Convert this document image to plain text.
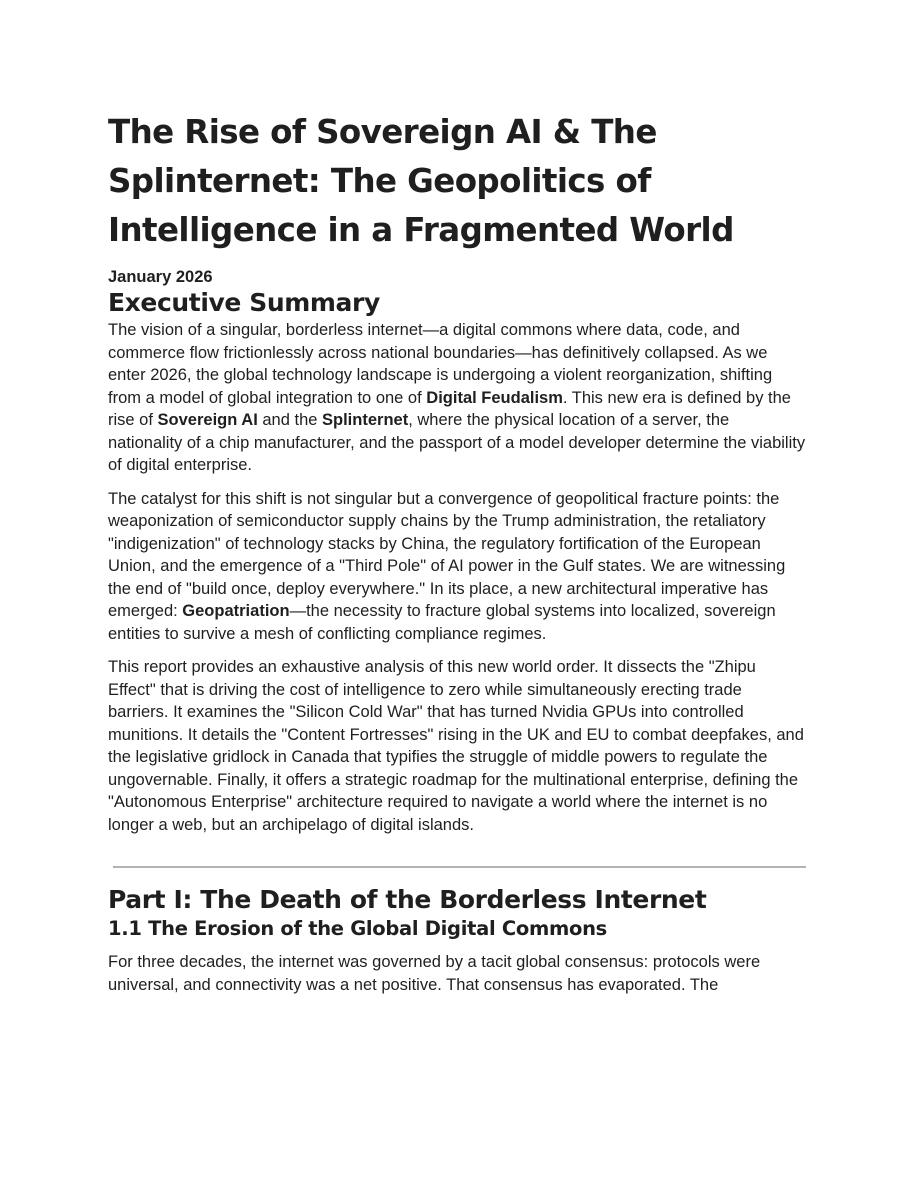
The Rise of Sovereign AI & The Splinternet: The Geopolitics of Intelligence in a Fragmented World
January 2026
Executive Summary

The vision of a singular, borderless internet—a digital commons where data, code, and commerce flow frictionlessly across national boundaries—has definitively collapsed. As we enter 2026, the global technology landscape is undergoing a violent reorganization, shifting from a model of global integration to one of Digital Feudalism. This new era is defined by the rise of Sovereign AI and the Splinternet, where the physical location of a server, the nationality of a chip manufacturer, and the passport of a model developer determine the viability of digital enterprise.

The catalyst for this shift is not singular but a convergence of geopolitical fracture points: the weaponization of semiconductor supply chains by the Trump administration, the retaliatory "indigenization" of technology stacks by China, the regulatory fortification of the European Union, and the emergence of a "Third Pole" of AI power in the Gulf states. We are witnessing the end of "build once, deploy everywhere." In its place, a new architectural imperative has emerged: Geopatriation—the necessity to fracture global systems into localized, sovereign entities to survive a mesh of conflicting compliance regimes.

This report provides an exhaustive analysis of this new world order. It dissects the "Zhipu Effect" that is driving the cost of intelligence to zero while simultaneously erecting trade barriers. It examines the "Silicon Cold War" that has turned Nvidia GPUs into controlled munitions. It details the "Content Fortresses" rising in the UK and EU to combat deepfakes, and the legislative gridlock in Canada that typifies the struggle of middle powers to regulate the ungovernable. Finally, it offers a strategic roadmap for the multinational enterprise, defining the "Autonomous Enterprise" architecture required to navigate a world where the internet is no longer a web, but an archipelago of digital islands.

Part I: The Death of the Borderless Internet
1.1 The Erosion of the Global Digital Commons

For three decades, the internet was governed by a tacit global consensus: protocols were universal, and connectivity was a net positive. That consensus has evaporated. The
